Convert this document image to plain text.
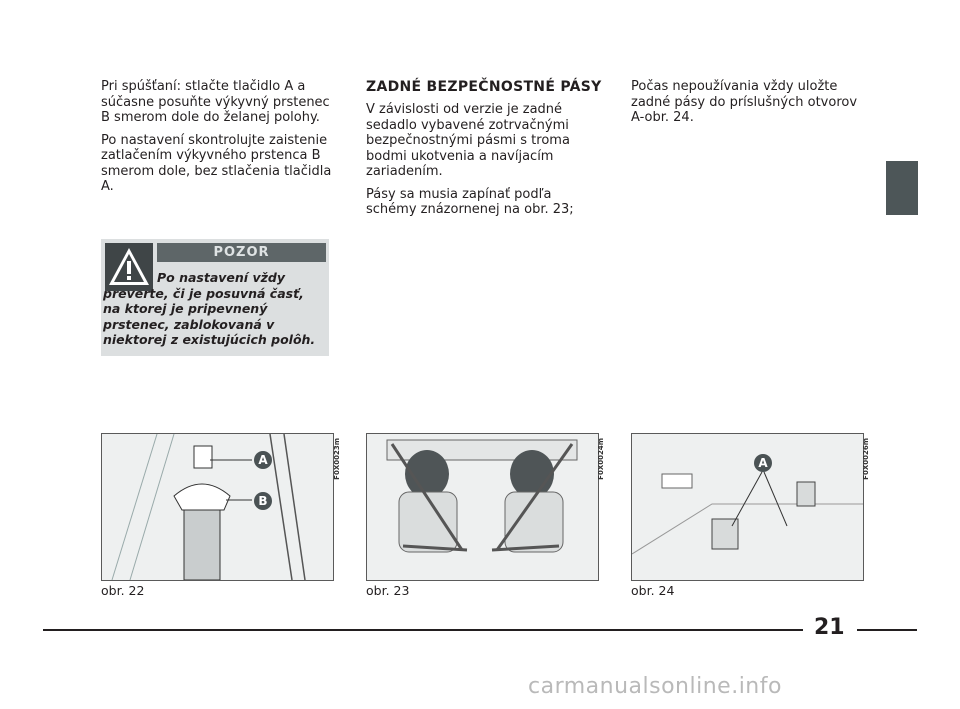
Pri spúšťaní: stlačte tlačidlo A a súčasne posuňte výkyvný prstenec B smerom dole do želanej polohy.

Po nastavení skontrolujte zaistenie zatlačením výkyvného prstenca B smerom dole, bez stlačenia tlačidla A.

POZOR
Po nastavení vždy preverte, či je posuvná časť, na ktorej je pripevnený prstenec, zablokovaná v niektorej z existujúcich polôh.

ZADNÉ BEZPEČNOSTNÉ PÁSY

V závislosti od verzie je zadné sedadlo vybavené zotrvačnými bezpečnostnými pásmi s troma bodmi ukotvenia a navíjacím zariadením.

Pásy sa musia zapínať podľa schémy znázornenej na obr. 23;

Počas nepoužívania vždy uložte zadné pásy do príslušných otvorov A-obr. 24.

A
B
F0X0023m
obr. 22
F0X0024m
obr. 23
A	F0X0026m
obr. 24
21
carmanualsonline.info
